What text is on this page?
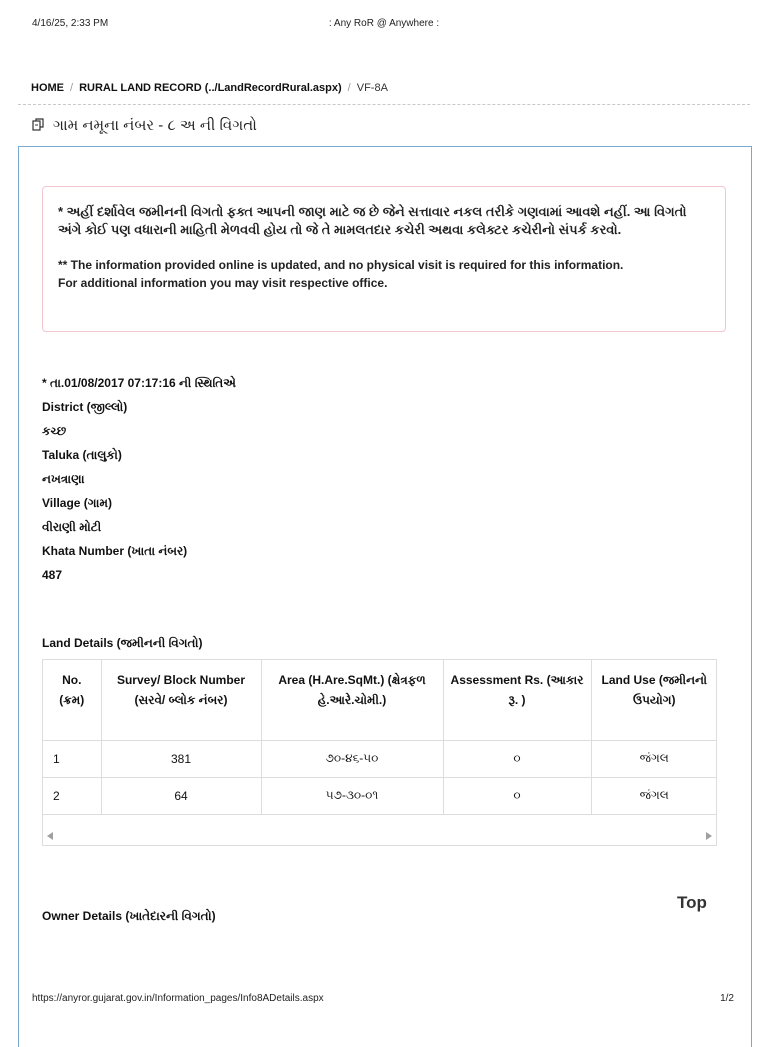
4/16/25, 2:33 PM	: Any RoR @ Anywhere :
HOME / RURAL LAND RECORD (../LandRecordRural.aspx) / VF-8A
ગામ નમૂના નંબર - ૮ અ ની વિગતો

* અહીં દર્શાવેલ જમીનની વિગતો ફક્ત આપની જાણ માટે જ છે જેને સત્તાવાર નકલ તરીકે ગણવામાં આવશે નહીં. આ વિગતો અંગે કોઈ પણ વધારાની માહિતી મેળવવી હોય તો જે તે મામલતદાર કચેરી અથવા કલેક્ટર કચેરીનો સંપર્ક કરવો.

** The information provided online is updated, and no physical visit is required for this information.
For additional information you may visit respective office.

* તા.01/08/2017 07:17:16 ની સ્થિતિએ
District (જીલ્લો)
કચ્છ
Taluka (તાલુકો)
નખત્રાણા
Village (ગામ)
વીરાણી મોટી
Khata Number (ખાતા નંબર)
487
Land Details (જમીનની વિગતો)
No. (ક્રમ)	Survey/ Block Number (સરવે/ બ્લોક નંબર)	Area (H.Are.SqMt.) (ક્ષેત્રફળ હે.આરે.ચોમી.)	Assessment Rs. (આકાર રૂ. )	Land Use (જમીનનો ઉપયોગ)
1	381	૭૦-૪૬-૫૦	૦	જંગલ
2	64	૫૭-૩૦-૦૧	૦	જંગલ
Top
Owner Details (ખાતેદારની વિગતો)
https://anyror.gujarat.gov.in/Information_pages/Info8ADetails.aspx	1/2
